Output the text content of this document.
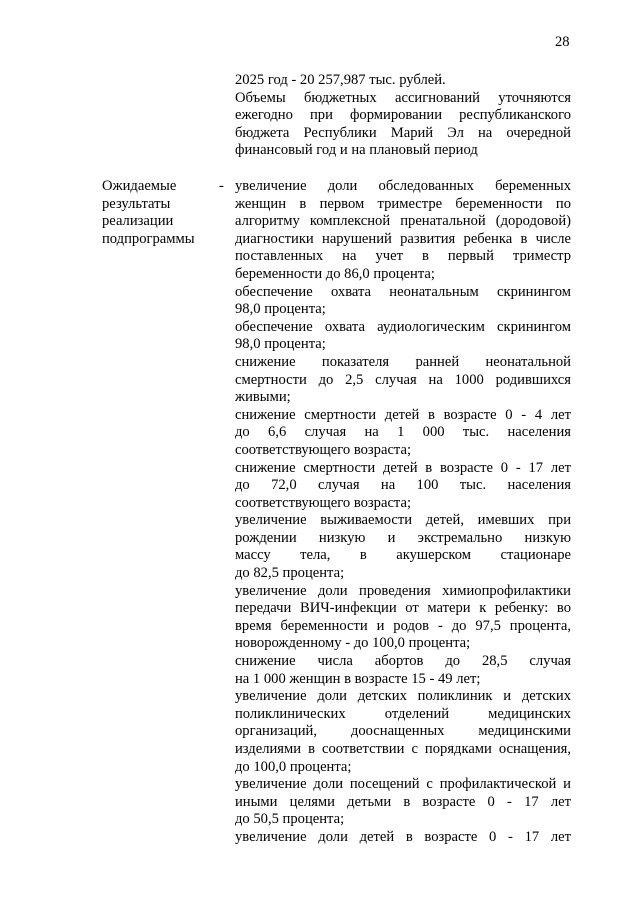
28
2025 год - 20 257,987 тыс. рублей.
Объемы бюджетных ассигнований уточняются
ежегодно при формировании республиканского
бюджета Республики Марий Эл на очередной
финансовый год и на плановый период
Ожидаемые
результаты
реализации
подпрограммы
- увеличение доли обследованных беременных
женщин в первом триместре беременности по
алгоритму комплексной пренатальной (дородовой)
диагностики нарушений развития ребенка в числе
поставленных на учет в первый триместр
беременности до 86,0 процента;
обеспечение охвата неонатальным скринингом
98,0 процента;
обеспечение охвата аудиологическим скринингом
98,0 процента;
снижение показателя ранней неонатальной
смертности до 2,5 случая на 1000 родившихся
живыми;
снижение смертности детей в возрасте 0 - 4 лет
до 6,6 случая на 1 000 тыс. населения
соответствующего возраста;
снижение смертности детей в возрасте 0 - 17 лет
до 72,0 случая на 100 тыс. населения
соответствующего возраста;
увеличение выживаемости детей, имевших при
рождении низкую и экстремально низкую
массу тела, в акушерском стационаре
до 82,5 процента;
увеличение доли проведения химиопрофилактики
передачи ВИЧ-инфекции от матери к ребенку: во
время беременности и родов - до 97,5 процента,
новорожденному - до 100,0 процента;
снижение числа абортов до 28,5 случая
на 1 000 женщин в возрасте 15 - 49 лет;
увеличение доли детских поликлиник и детских
поликлинических отделений медицинских
организаций, дооснащенных медицинскими
изделиями в соответствии с порядками оснащения,
до 100,0 процента;
увеличение доли посещений с профилактической и
иными целями детьми в возрасте 0 - 17 лет
до 50,5 процента;
увеличение доли детей в возрасте 0 - 17 лет
